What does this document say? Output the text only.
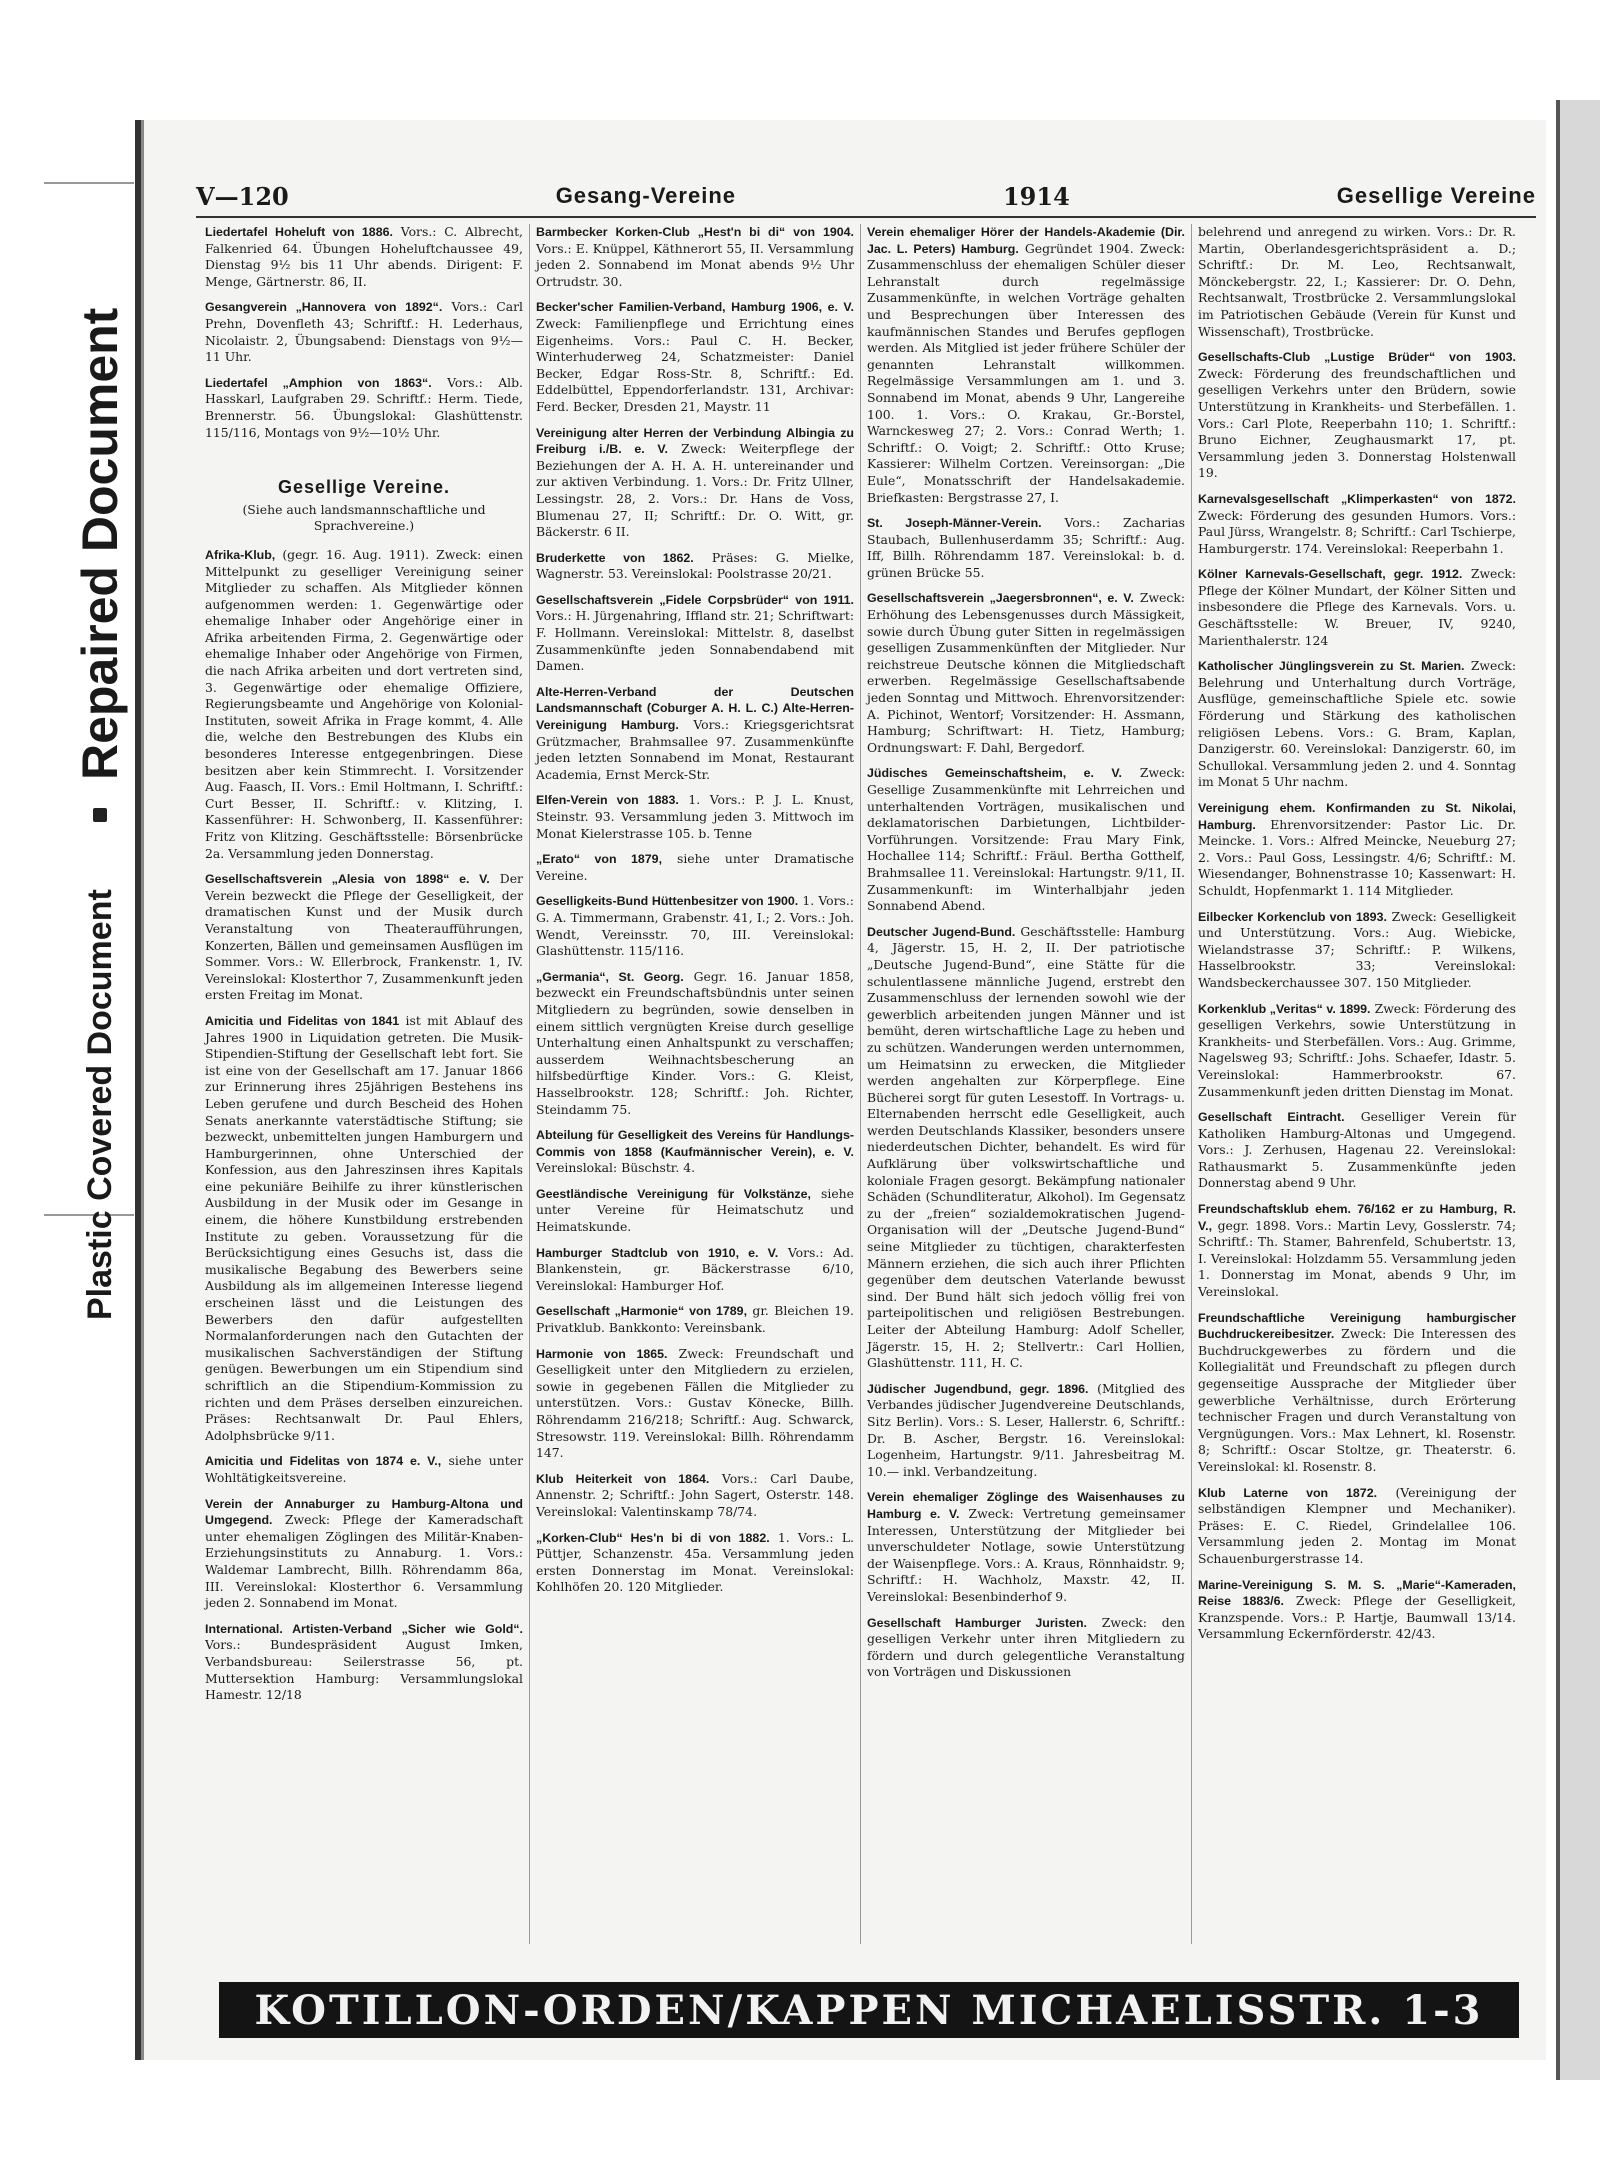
Plastic Covered Document
Repaired Document
V—120	Gesang-Vereine	1914	Gesellige Vereine

Liedertafel Hoheluft von 1886. Vors.: C. Albrecht, Falkenried 64. Übungen Hoheluftchaussee 49, Dienstag 9½ bis 11 Uhr abends. Dirigent: F. Menge, Gärtnerstr. 86, II.

Gesangverein „Hannovera von 1892“. Vors.: Carl Prehn, Dovenfleth 43; Schriftf.: H. Lederhaus, Nicolaistr. 2, Übungsabend: Dienstags von 9½—11 Uhr.

Liedertafel „Amphion von 1863“. Vors.: Alb. Hasskarl, Laufgraben 29. Schriftf.: Herm. Tiede, Brennerstr. 56. Übungslokal: Glashüttenstr. 115/116, Montags von 9½—10½ Uhr.

Gesellige Vereine.
(Siehe auch landsmannschaftliche und Sprachvereine.)

Afrika-Klub, (gegr. 16. Aug. 1911). Zweck: einen Mittelpunkt zu geselliger Vereinigung seiner Mitglieder zu schaffen. Als Mitglieder können aufgenommen werden: 1. Gegenwärtige oder ehemalige Inhaber oder Angehörige einer in Afrika arbeitenden Firma, 2. Gegenwärtige oder ehemalige Inhaber oder Angehörige von Firmen, die nach Afrika arbeiten und dort vertreten sind, 3. Gegenwärtige oder ehemalige Offiziere, Regierungsbeamte und Angehörige von Kolonial-Instituten, soweit Afrika in Frage kommt, 4. Alle die, welche den Bestrebungen des Klubs ein besonderes Interesse entgegenbringen. Diese besitzen aber kein Stimmrecht. I. Vorsitzender Aug. Faasch, II. Vors.: Emil Holtmann, I. Schriftf.: Curt Besser, II. Schriftf.: v. Klitzing, I. Kassenführer: H. Schwonberg, II. Kassenführer: Fritz von Klitzing. Geschäftsstelle: Börsenbrücke 2a. Versammlung jeden Donnerstag.

Gesellschaftsverein „Alesia von 1898“ e. V. Der Verein bezweckt die Pflege der Geselligkeit, der dramatischen Kunst und der Musik durch Veranstaltung von Theateraufführungen, Konzerten, Bällen und gemeinsamen Ausflügen im Sommer. Vors.: W. Ellerbrock, Frankenstr. 1, IV. Vereinslokal: Klosterthor 7, Zusammenkunft jeden ersten Freitag im Monat.

Amicitia und Fidelitas von 1841 ist mit Ablauf des Jahres 1900 in Liquidation getreten. Die Musik-Stipendien-Stiftung der Gesellschaft lebt fort. Sie ist eine von der Gesellschaft am 17. Januar 1866 zur Erinnerung ihres 25jährigen Bestehens ins Leben gerufene und durch Bescheid des Hohen Senats anerkannte vaterstädtische Stiftung; sie bezweckt, unbemittelten jungen Hamburgern und Hamburgerinnen, ohne Unterschied der Konfession, aus den Jahreszinsen ihres Kapitals eine pekuniäre Beihilfe zu ihrer künstlerischen Ausbildung in der Musik oder im Gesange in einem, die höhere Kunstbildung erstrebenden Institute zu geben. Voraussetzung für die Berücksichtigung eines Gesuchs ist, dass die musikalische Begabung des Bewerbers seine Ausbildung als im allgemeinen Interesse liegend erscheinen lässt und die Leistungen des Bewerbers den dafür aufgestellten Normalanforderungen nach den Gutachten der musikalischen Sachverständigen der Stiftung genügen. Bewerbungen um ein Stipendium sind schriftlich an die Stipendium-Kommission zu richten und dem Präses derselben einzureichen. Präses: Rechtsanwalt Dr. Paul Ehlers, Adolphsbrücke 9/11.

Amicitia und Fidelitas von 1874 e. V., siehe unter Wohltätigkeitsvereine.

Verein der Annaburger zu Hamburg-Altona und Umgegend. Zweck: Pflege der Kameradschaft unter ehemaligen Zöglingen des Militär-Knaben-Erziehungsinstituts zu Annaburg. 1. Vors.: Waldemar Lambrecht, Billh. Röhrendamm 86a, III. Vereinslokal: Klosterthor 6. Versammlung jeden 2. Sonnabend im Monat.

International. Artisten-Verband „Sicher wie Gold“. Vors.: Bundespräsident August Imken, Verbandsbureau: Seilerstrasse 56, pt. Muttersektion Hamburg: Versammlungslokal Hamestr. 12/18

Barmbecker Korken-Club „Hest'n bi di“ von 1904. Vors.: E. Knüppel, Käthnerort 55, II. Versammlung jeden 2. Sonnabend im Monat abends 9½ Uhr Ortrudstr. 30.

Becker'scher Familien-Verband, Hamburg 1906, e. V. Zweck: Familienpflege und Errichtung eines Eigenheims. Vors.: Paul C. H. Becker, Winterhuderweg 24, Schatzmeister: Daniel Becker, Edgar Ross-Str. 8, Schriftf.: Ed. Eddelbüttel, Eppendorferlandstr. 131, Archivar: Ferd. Becker, Dresden 21, Maystr. 11

Vereinigung alter Herren der Verbindung Albingia zu Freiburg i./B. e. V. Zweck: Weiterpflege der Beziehungen der A. H. A. H. untereinander und zur aktiven Verbindung. 1. Vors.: Dr. Fritz Ullner, Lessingstr. 28, 2. Vors.: Dr. Hans de Voss, Blumenau 27, II; Schriftf.: Dr. O. Witt, gr. Bäckerstr. 6 II.

Bruderkette von 1862. Präses: G. Mielke, Wagnerstr. 53. Vereinslokal: Poolstrasse 20/21.

Gesellschaftsverein „Fidele Corpsbrüder“ von 1911. Vors.: H. Jürgenahring, Iffland str. 21; Schriftwart: F. Hollmann. Vereinslokal: Mittelstr. 8, daselbst Zusammenkünfte jeden Sonnabendabend mit Damen.

Alte-Herren-Verband der Deutschen Landsmannschaft (Coburger A. H. L. C.) Alte-Herren-Vereinigung Hamburg. Vors.: Kriegsgerichtsrat Grützmacher, Brahmsallee 97. Zusammenkünfte jeden letzten Sonnabend im Monat, Restaurant Academia, Ernst Merck-Str.

Elfen-Verein von 1883. 1. Vors.: P. J. L. Knust, Steinstr. 93. Versammlung jeden 3. Mittwoch im Monat Kielerstrasse 105. b. Tenne

„Erato“ von 1879, siehe unter Dramatische Vereine.

Geselligkeits-Bund Hüttenbesitzer von 1900. 1. Vors.: G. A. Timmermann, Grabenstr. 41, I.; 2. Vors.: Joh. Wendt, Vereinsstr. 70, III. Vereinslokal: Glashüttenstr. 115/116.

„Germania“, St. Georg. Gegr. 16. Januar 1858, bezweckt ein Freundschaftsbündnis unter seinen Mitgliedern zu begründen, sowie denselben in einem sittlich vergnügten Kreise durch gesellige Unterhaltung einen Anhaltspunkt zu verschaffen; ausserdem Weihnachtsbescherung an hilfsbedürftige Kinder. Vors.: G. Kleist, Hasselbrookstr. 128; Schriftf.: Joh. Richter, Steindamm 75.

Abteilung für Geselligkeit des Vereins für Handlungs-Commis von 1858 (Kaufmännischer Verein), e. V. Vereinslokal: Büschstr. 4.

Geestländische Vereinigung für Volkstänze, siehe unter Vereine für Heimatschutz und Heimatskunde.

Hamburger Stadtclub von 1910, e. V. Vors.: Ad. Blankenstein, gr. Bäckerstrasse 6/10, Vereinslokal: Hamburger Hof.

Gesellschaft „Harmonie“ von 1789, gr. Bleichen 19. Privatklub. Bankkonto: Vereinsbank.

Harmonie von 1865. Zweck: Freundschaft und Geselligkeit unter den Mitgliedern zu erzielen, sowie in gegebenen Fällen die Mitglieder zu unterstützen. Vors.: Gustav Könecke, Billh. Röhrendamm 216/218; Schriftf.: Aug. Schwarck, Stresowstr. 119. Vereinslokal: Billh. Röhrendamm 147.

Klub Heiterkeit von 1864. Vors.: Carl Daube, Annenstr. 2; Schriftf.: John Sagert, Osterstr. 148. Vereinslokal: Valentinskamp 78/74.

„Korken-Club“ Hes'n bi di von 1882. 1. Vors.: L. Püttjer, Schanzenstr. 45a. Versammlung jeden ersten Donnerstag im Monat. Vereinslokal: Kohlhöfen 20. 120 Mitglieder.

Verein ehemaliger Hörer der Handels-Akademie (Dir. Jac. L. Peters) Hamburg. Gegründet 1904. Zweck: Zusammenschluss der ehemaligen Schüler dieser Lehranstalt durch regelmässige Zusammenkünfte, in welchen Vorträge gehalten und Besprechungen über Interessen des kaufmännischen Standes und Berufes gepflogen werden. Als Mitglied ist jeder frühere Schüler der genannten Lehranstalt willkommen. Regelmässige Versammlungen am 1. und 3. Sonnabend im Monat, abends 9 Uhr, Langereihe 100. 1. Vors.: O. Krakau, Gr.-Borstel, Warnckesweg 27; 2. Vors.: Conrad Werth; 1. Schriftf.: O. Voigt; 2. Schriftf.: Otto Kruse; Kassierer: Wilhelm Cortzen. Vereinsorgan: „Die Eule“, Monatsschrift der Handelsakademie. Briefkasten: Bergstrasse 27, I.

St. Joseph-Männer-Verein. Vors.: Zacharias Staubach, Bullenhuserdamm 35; Schriftf.: Aug. Iff, Billh. Röhrendamm 187. Vereinslokal: b. d. grünen Brücke 55.

Gesellschaftsverein „Jaegersbronnen“, e. V. Zweck: Erhöhung des Lebensgenusses durch Mässigkeit, sowie durch Übung guter Sitten in regelmässigen geselligen Zusammenkünften der Mitglieder. Nur reichstreue Deutsche können die Mitgliedschaft erwerben. Regelmässige Gesellschaftsabende jeden Sonntag und Mittwoch. Ehrenvorsitzender: A. Pichinot, Wentorf; Vorsitzender: H. Assmann, Hamburg; Schriftwart: H. Tietz, Hamburg; Ordnungswart: F. Dahl, Bergedorf.

Jüdisches Gemeinschaftsheim, e. V. Zweck: Gesellige Zusammenkünfte mit Lehrreichen und unterhaltenden Vorträgen, musikalischen und deklamatorischen Darbietungen, Lichtbilder-Vorführungen. Vorsitzende: Frau Mary Fink, Hochallee 114; Schriftf.: Fräul. Bertha Gotthelf, Brahmsallee 11. Vereinslokal: Hartungstr. 9/11, II. Zusammenkunft: im Winterhalbjahr jeden Sonnabend Abend.

Deutscher Jugend-Bund. Geschäftsstelle: Hamburg 4, Jägerstr. 15, H. 2, II. Der patriotische „Deutsche Jugend-Bund“, eine Stätte für die schulentlassene männliche Jugend, erstrebt den Zusammenschluss der lernenden sowohl wie der gewerblich arbeitenden jungen Männer und ist bemüht, deren wirtschaftliche Lage zu heben und zu schützen. Wanderungen werden unternommen, um Heimatsinn zu erwecken, die Mitglieder werden angehalten zur Körperpflege. Eine Bücherei sorgt für guten Lesestoff. In Vortrags- u. Elternabenden herrscht edle Geselligkeit, auch werden Deutschlands Klassiker, besonders unsere niederdeutschen Dichter, behandelt. Es wird für Aufklärung über volkswirtschaftliche und koloniale Fragen gesorgt. Bekämpfung nationaler Schäden (Schundliteratur, Alkohol). Im Gegensatz zu der „freien“ sozialdemokratischen Jugend-Organisation will der „Deutsche Jugend-Bund“ seine Mitglieder zu tüchtigen, charakterfesten Männern erziehen, die sich auch ihrer Pflichten gegenüber dem deutschen Vaterlande bewusst sind. Der Bund hält sich jedoch völlig frei von parteipolitischen und religiösen Bestrebungen. Leiter der Abteilung Hamburg: Adolf Scheller, Jägerstr. 15, H. 2; Stellvertr.: Carl Hollien, Glashüttenstr. 111, H. C.

Jüdischer Jugendbund, gegr. 1896. (Mitglied des Verbandes jüdischer Jugendvereine Deutschlands, Sitz Berlin). Vors.: S. Leser, Hallerstr. 6, Schriftf.: Dr. B. Ascher, Bergstr. 16. Vereinslokal: Logenheim, Hartungstr. 9/11. Jahresbeitrag M. 10.— inkl. Verbandzeitung.

Verein ehemaliger Zöglinge des Waisenhauses zu Hamburg e. V. Zweck: Vertretung gemeinsamer Interessen, Unterstützung der Mitglieder bei unverschuldeter Notlage, sowie Unterstützung der Waisenpflege. Vors.: A. Kraus, Rönnhaidstr. 9; Schriftf.: H. Wachholz, Maxstr. 42, II. Vereinslokal: Besenbinderhof 9.

Gesellschaft Hamburger Juristen. Zweck: den geselligen Verkehr unter ihren Mitgliedern zu fördern und durch gelegentliche Veranstaltung von Vorträgen und Diskussionen

belehrend und anregend zu wirken. Vors.: Dr. R. Martin, Oberlandesgerichtspräsident a. D.; Schriftf.: Dr. M. Leo, Rechtsanwalt, Mönckebergstr. 22, I.; Kassierer: Dr. O. Dehn, Rechtsanwalt, Trostbrücke 2. Versammlungslokal im Patriotischen Gebäude (Verein für Kunst und Wissenschaft), Trostbrücke.

Gesellschafts-Club „Lustige Brüder“ von 1903. Zweck: Förderung des freundschaftlichen und geselligen Verkehrs unter den Brüdern, sowie Unterstützung in Krankheits- und Sterbefällen. 1. Vors.: Carl Plote, Reeperbahn 110; 1. Schriftf.: Bruno Eichner, Zeughausmarkt 17, pt. Versammlung jeden 3. Donnerstag Holstenwall 19.

Karnevalsgesellschaft „Klimperkasten“ von 1872. Zweck: Förderung des gesunden Humors. Vors.: Paul Jürss, Wrangelstr. 8; Schriftf.: Carl Tschierpe, Hamburgerstr. 174. Vereinslokal: Reeperbahn 1.

Kölner Karnevals-Gesellschaft, gegr. 1912. Zweck: Pflege der Kölner Mundart, der Kölner Sitten und insbesondere die Pflege des Karnevals. Vors. u. Geschäftsstelle: W. Breuer, IV, 9240, Marienthalerstr. 124

Katholischer Jünglingsverein zu St. Marien. Zweck: Belehrung und Unterhaltung durch Vorträge, Ausflüge, gemeinschaftliche Spiele etc. sowie Förderung und Stärkung des katholischen religiösen Lebens. Vors.: G. Bram, Kaplan, Danzigerstr. 60. Vereinslokal: Danzigerstr. 60, im Schullokal. Versammlung jeden 2. und 4. Sonntag im Monat 5 Uhr nachm.

Vereinigung ehem. Konfirmanden zu St. Nikolai, Hamburg. Ehrenvorsitzender: Pastor Lic. Dr. Meincke. 1. Vors.: Alfred Meincke, Neueburg 27; 2. Vors.: Paul Goss, Lessingstr. 4/6; Schriftf.: M. Wiesendanger, Bohnenstrasse 10; Kassenwart: H. Schuldt, Hopfenmarkt 1. 114 Mitglieder.

Eilbecker Korkenclub von 1893. Zweck: Geselligkeit und Unterstützung. Vors.: Aug. Wiebicke, Wielandstrasse 37; Schriftf.: P. Wilkens, Hasselbrookstr. 33; Vereinslokal: Wandsbeckerchaussee 307. 150 Mitglieder.

Korkenklub „Veritas“ v. 1899. Zweck: Förderung des geselligen Verkehrs, sowie Unterstützung in Krankheits- und Sterbefällen. Vors.: Aug. Grimme, Nagelsweg 93; Schriftf.: Johs. Schaefer, Idastr. 5. Vereinslokal: Hammerbrookstr. 67. Zusammenkunft jeden dritten Dienstag im Monat.

Gesellschaft Eintracht. Geselliger Verein für Katholiken Hamburg-Altonas und Umgegend. Vors.: J. Zerhusen, Hagenau 22. Vereinslokal: Rathausmarkt 5. Zusammenkünfte jeden Donnerstag abend 9 Uhr.

Freundschaftsklub ehem. 76/162 er zu Hamburg, R. V., gegr. 1898. Vors.: Martin Levy, Gosslerstr. 74; Schriftf.: Th. Stamer, Bahrenfeld, Schubertstr. 13, I. Vereinslokal: Holzdamm 55. Versammlung jeden 1. Donnerstag im Monat, abends 9 Uhr, im Vereinslokal.

Freundschaftliche Vereinigung hamburgischer Buchdruckereibesitzer. Zweck: Die Interessen des Buchdruckgewerbes zu fördern und die Kollegialität und Freundschaft zu pflegen durch gegenseitige Aussprache der Mitglieder über gewerbliche Verhältnisse, durch Erörterung technischer Fragen und durch Veranstaltung von Vergnügungen. Vors.: Max Lehnert, kl. Rosenstr. 8; Schriftf.: Oscar Stoltze, gr. Theaterstr. 6. Vereinslokal: kl. Rosenstr. 8.

Klub Laterne von 1872. (Vereinigung der selbständigen Klempner und Mechaniker). Präses: E. C. Riedel, Grindelallee 106. Versammlung jeden 2. Montag im Monat Schauenburgerstrasse 14.

Marine-Vereinigung S. M. S. „Marie“-Kameraden, Reise 1883/6. Zweck: Pflege der Geselligkeit, Kranzspende. Vors.: P. Hartje, Baumwall 13/14. Versammlung Eckernförderstr. 42/43.

KOTILLON-ORDEN/KAPPEN MICHAELISSTR. 1-3
